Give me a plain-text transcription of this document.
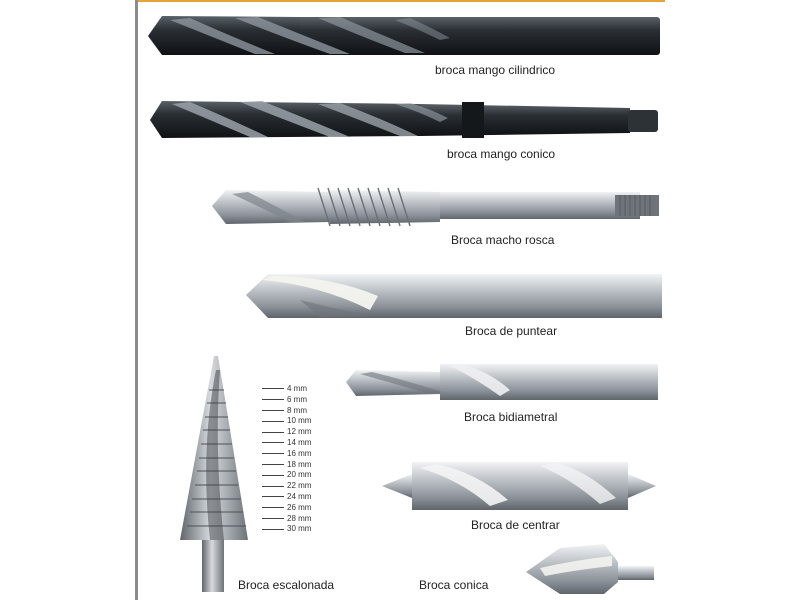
4 mm
6 mm
8 mm
10 mm
12 mm
14 mm
16 mm
18 mm
20 mm
22 mm
24 mm
26 mm
28 mm
30 mm
broca mango cilindrico
broca mango conico
Broca macho rosca
Broca de puntear
Broca bidiametral
Broca de centrar
Broca escalonada	Broca conica
